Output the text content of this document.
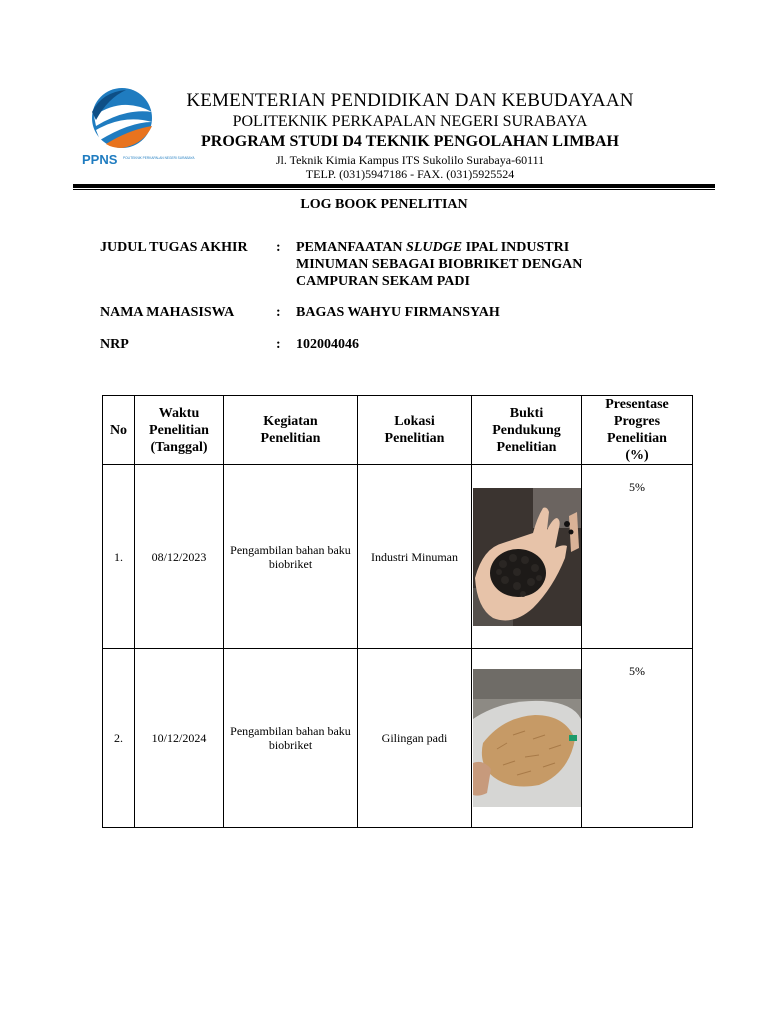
PPNS POLITEKNIK PERKAPALAN NEGERI SURABAYA
KEMENTERIAN PENDIDIKAN DAN KEBUDAYAAN
POLITEKNIK PERKAPALAN NEGERI SURABAYA
PROGRAM STUDI D4 TEKNIK PENGOLAHAN LIMBAH
Jl. Teknik Kimia Kampus ITS Sukolilo Surabaya-60111
TELP. (031)5947186 - FAX. (031)5925524
LOG BOOK PENELITIAN
JUDUL TUGAS AKHIR	: PEMANFAATAN SLUDGE IPAL INDUSTRI MINUMAN SEBAGAI BIOBRIKET DENGAN CAMPURAN SEKAM PADI
NAMA MAHASISWA	: BAGAS WAHYU FIRMANSYAH
NRP	: 102004046
No	Waktu Penelitian (Tanggal)	Kegiatan Penelitian	Lokasi Penelitian	Bukti Pendukung Penelitian	Presentase Progres Penelitian (%)
1.	08/12/2023	Pengambilan bahan baku biobriket	Industri Minuman		5%
2.	10/12/2024	Pengambilan bahan baku biobriket	Gilingan padi		5%
